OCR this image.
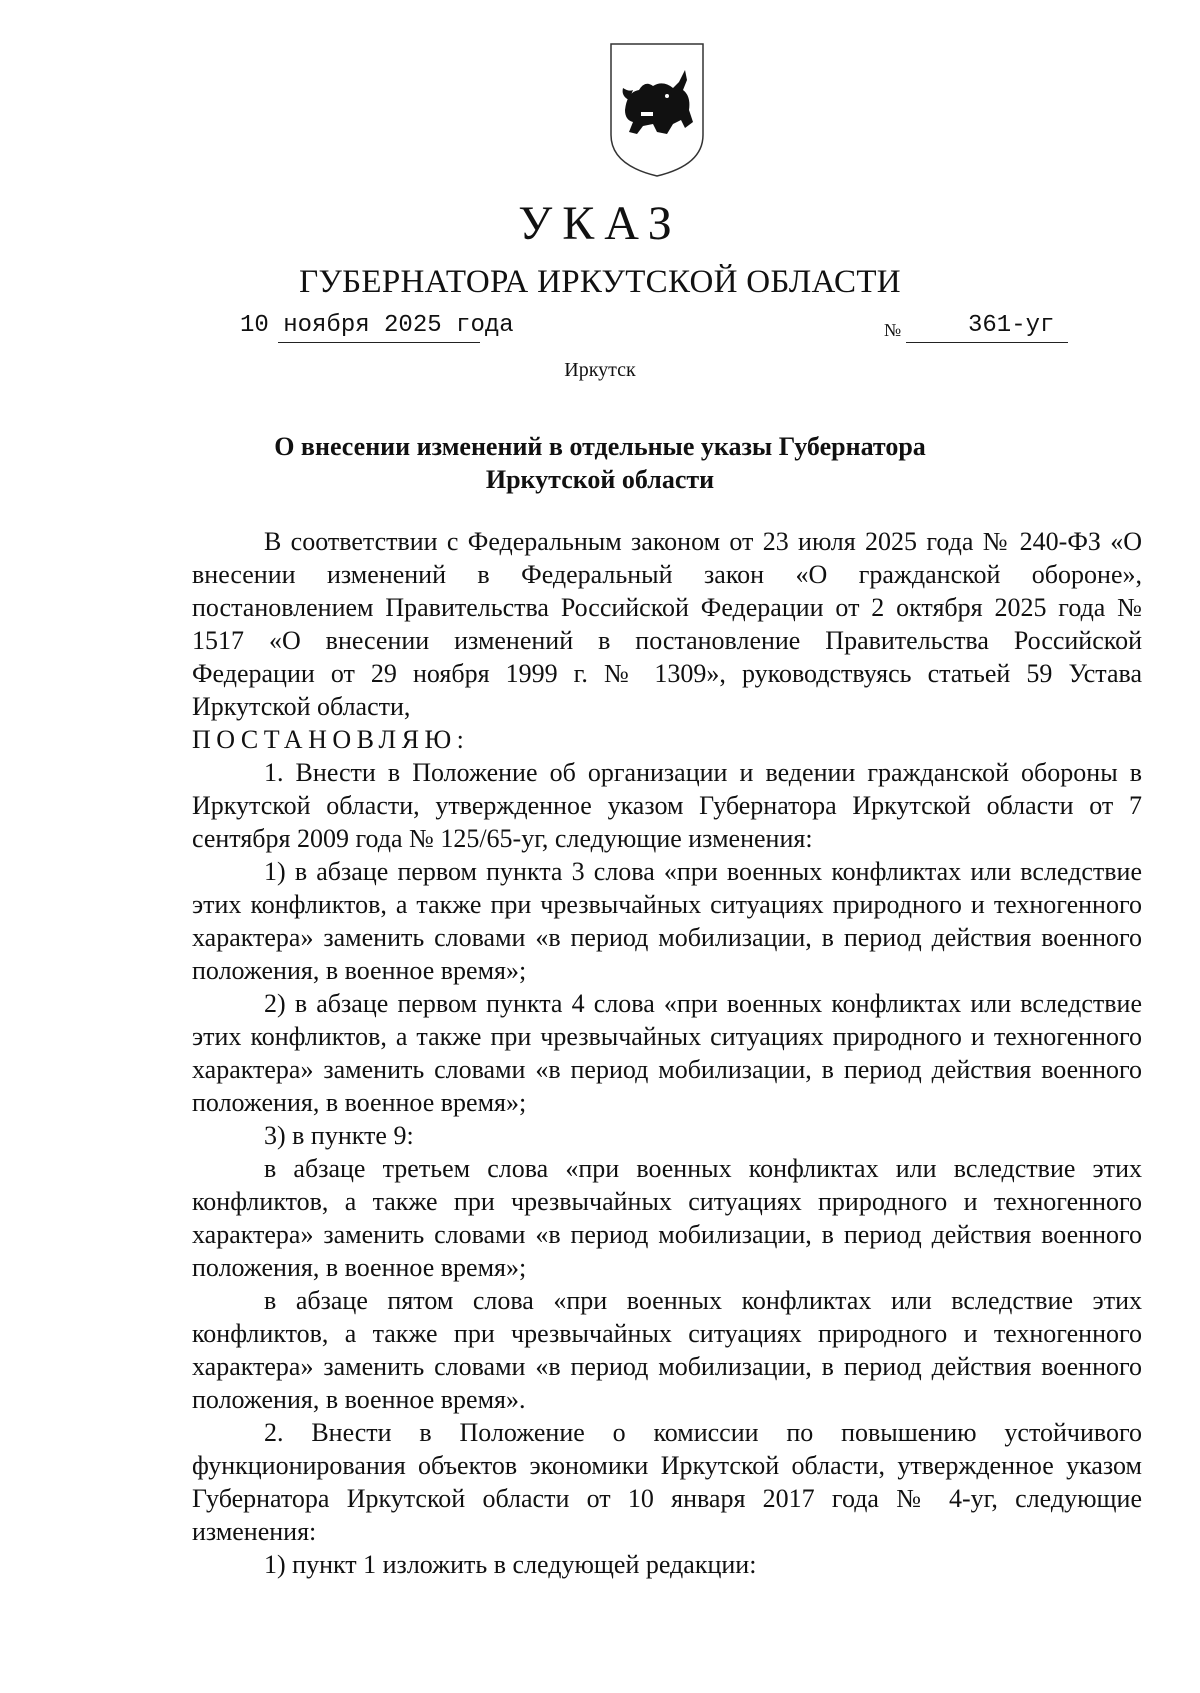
УКАЗ
ГУБЕРНАТОРА ИРКУТСКОЙ ОБЛАСТИ
10 ноября 2025 года	№	361-уг
Иркутск
О внесении изменений в отдельные указы Губернатора
Иркутской области

В соответствии с Федеральным законом от 23 июля 2025 года № 240-ФЗ «О внесении изменений в Федеральный закон «О гражданской обороне», постановлением Правительства Российской Федерации от 2 октября 2025 года № 1517 «О внесении изменений в постановление Правительства Российской Федерации от 29 ноября 1999 г. № 1309», руководствуясь статьей 59 Устава Иркутской области,

ПОСТАНОВЛЯЮ:

1. Внести в Положение об организации и ведении гражданской обороны в Иркутской области, утвержденное указом Губернатора Иркутской области от 7 сентября 2009 года № 125/65-уг, следующие изменения:

1) в абзаце первом пункта 3 слова «при военных конфликтах или вследствие этих конфликтов, а также при чрезвычайных ситуациях природного и техногенного характера» заменить словами «в период мобилизации, в период действия военного положения, в военное время»;

2) в абзаце первом пункта 4 слова «при военных конфликтах или вследствие этих конфликтов, а также при чрезвычайных ситуациях природного и техногенного характера» заменить словами «в период мобилизации, в период действия военного положения, в военное время»;

3) в пункте 9:

в абзаце третьем слова «при военных конфликтах или вследствие этих конфликтов, а также при чрезвычайных ситуациях природного и техногенного характера» заменить словами «в период мобилизации, в период действия военного положения, в военное время»;

в абзаце пятом слова «при военных конфликтах или вследствие этих конфликтов, а также при чрезвычайных ситуациях природного и техногенного характера» заменить словами «в период мобилизации, в период действия военного положения, в военное время».

2. Внести в Положение о комиссии по повышению устойчивого функционирования объектов экономики Иркутской области, утвержденное указом Губернатора Иркутской области от 10 января 2017 года № 4-уг, следующие изменения:

1) пункт 1 изложить в следующей редакции:
